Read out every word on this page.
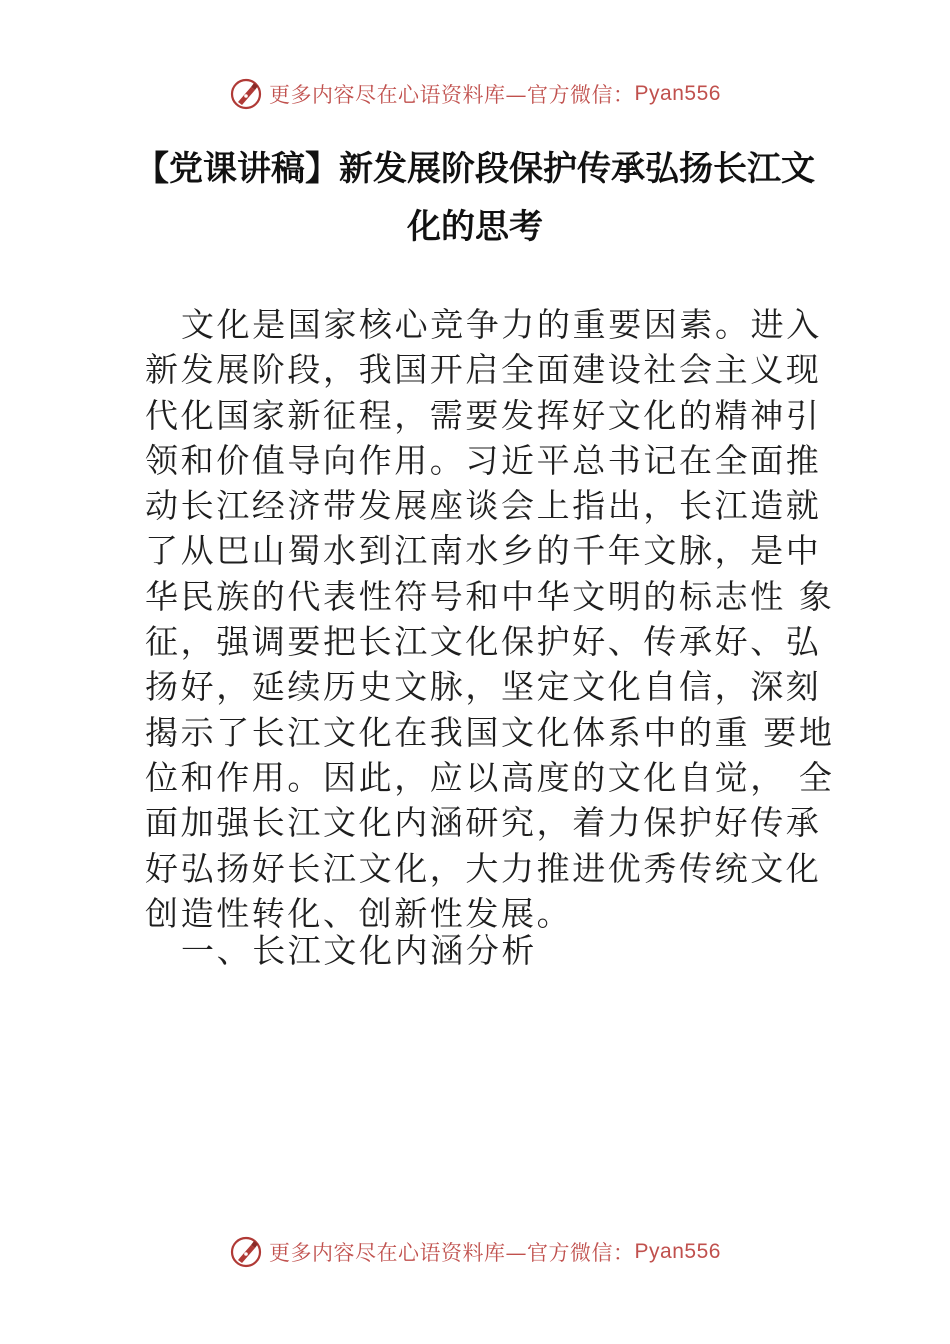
更多内容尽在心语资料库—官方微信： Pyan556
【党课讲稿】新发展阶段保护传承弘扬长江文化的思考

文化是国家核心竞争力的重要因素。进入新发展阶段，我国开启全面建设社会主义现代化国家新征程，需要发挥好文化的精神引领和价值导向作用。习近平总书记在全面推动长江经济带发展座谈会上指出，长江造就了从巴山蜀水到江南水乡的千年文脉，是中华民族的代表性符号和中华文明的标志性 象征，强调要把长江文化保护好、传承好、弘扬好，延续历史文脉，坚定文化自信，深刻揭示了长江文化在我国文化体系中的重 要地位和作用。因此，应以高度的文化自觉， 全面加强长江文化内涵研究，着力保护好传承好弘扬好长江文化，大力推进优秀传统文化创造性转化、创新性发展。

一、长江文化内涵分析

更多内容尽在心语资料库—官方微信： Pyan556
